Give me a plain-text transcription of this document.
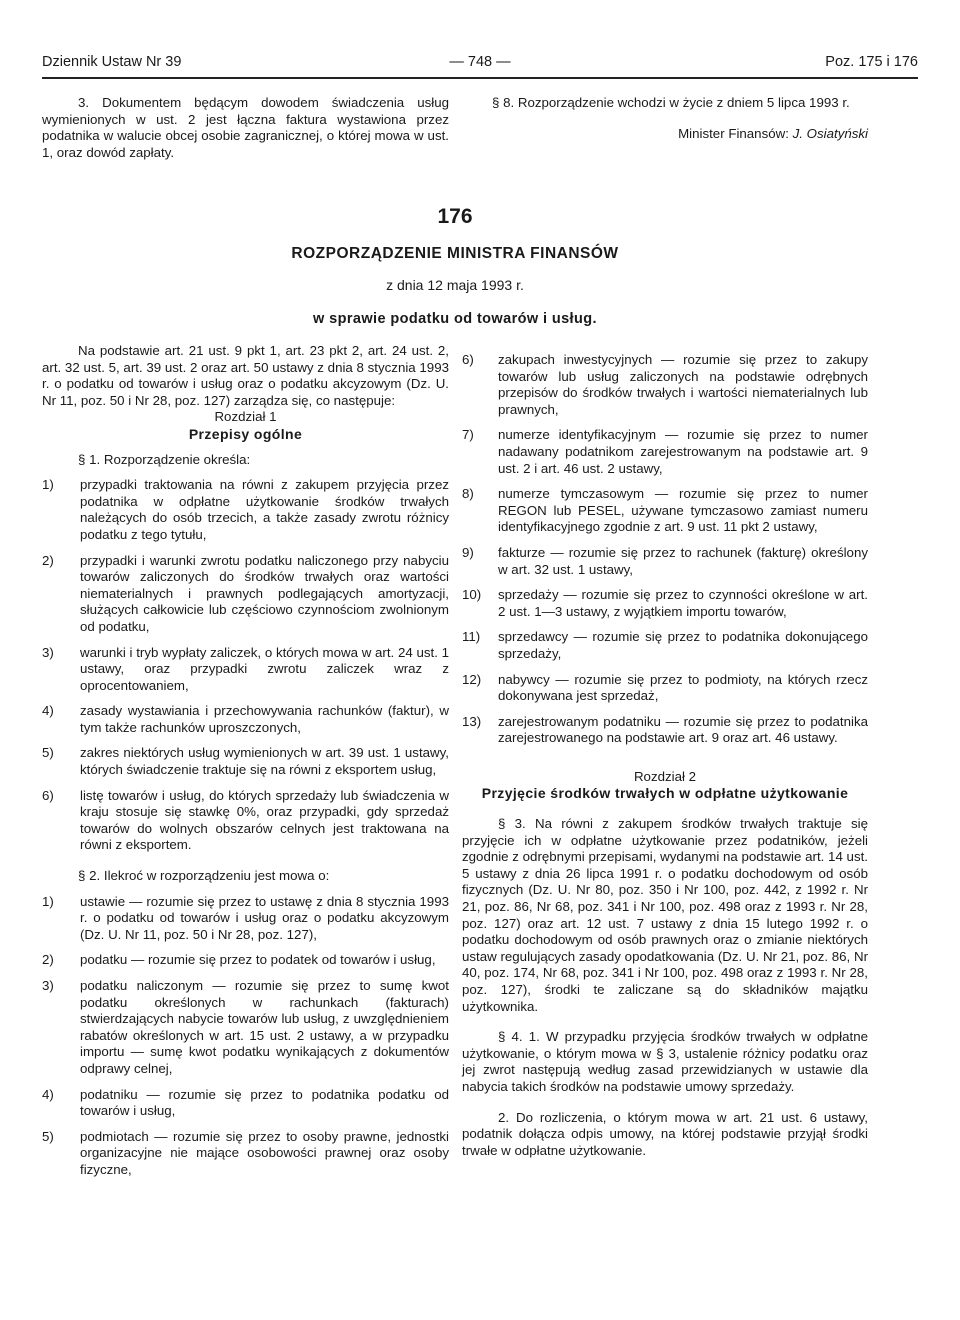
Dziennik Ustaw Nr 39	— 748 —	Poz. 175 i 176

3. Dokumentem będącym dowodem świadczenia usług wymienionych w ust. 2 jest łączna faktura wystawiona przez podatnika w walucie obcej osobie zagranicznej, o której mowa w ust. 1, oraz dowód zapłaty.

§ 8. Rozporządzenie wchodzi w życie z dniem 5 lipca 1993 r.

Minister Finansów: J. Osiatyński

176
ROZPORZĄDZENIE MINISTRA FINANSÓW
z dnia 12 maja 1993 r.
w sprawie podatku od towarów i usług.

Na podstawie art. 21 ust. 9 pkt 1, art. 23 pkt 2, art. 24 ust. 2, art. 32 ust. 5, art. 39 ust. 2 oraz art. 50 ustawy z dnia 8 stycznia 1993 r. o podatku od towarów i usług oraz o podatku akcyzowym (Dz. U. Nr 11, poz. 50 i Nr 28, poz. 127) zarządza się, co następuje:

Rozdział 1

Przepisy ogólne

§ 1. Rozporządzenie określa:

1)	przypadki traktowania na równi z zakupem przyjęcia przez podatnika w odpłatne użytkowanie środków trwałych należących do osób trzecich, a także zasady zwrotu różnicy podatku z tego tytułu,
2)	przypadki i warunki zwrotu podatku naliczonego przy nabyciu towarów zaliczonych do środków trwałych oraz wartości niematerialnych i prawnych podlegających amortyzacji, służących całkowicie lub częściowo czynnościom zwolnionym od podatku,
3)	warunki i tryb wypłaty zaliczek, o których mowa w art. 24 ust. 1 ustawy, oraz przypadki zwrotu zaliczek wraz z oprocentowaniem,
4)	zasady wystawiania i przechowywania rachunków (faktur), w tym także rachunków uproszczonych,
5)	zakres niektórych usług wymienionych w art. 39 ust. 1 ustawy, których świadczenie traktuje się na równi z eksportem usług,
6)	listę towarów i usług, do których sprzedaży lub świadczenia w kraju stosuje się stawkę 0%, oraz przypadki, gdy sprzedaż towarów do wolnych obszarów celnych jest traktowana na równi z eksportem.

§ 2. Ilekroć w rozporządzeniu jest mowa o:

1)	ustawie — rozumie się przez to ustawę z dnia 8 stycznia 1993 r. o podatku od towarów i usług oraz o podatku akcyzowym (Dz. U. Nr 11, poz. 50 i Nr 28, poz. 127),
2)	podatku — rozumie się przez to podatek od towarów i usług,
3)	podatku naliczonym — rozumie się przez to sumę kwot podatku określonych w rachunkach (fakturach) stwierdzających nabycie towarów lub usług, z uwzględnieniem rabatów określonych w art. 15 ust. 2 ustawy, a w przypadku importu — sumę kwot podatku wynikających z dokumentów odprawy celnej,
4)	podatniku — rozumie się przez to podatnika podatku od towarów i usług,
5)	podmiotach — rozumie się przez to osoby prawne, jednostki organizacyjne nie mające osobowości prawnej oraz osoby fizyczne,
6)	zakupach inwestycyjnych — rozumie się przez to zakupy towarów lub usług zaliczonych na podstawie odrębnych przepisów do środków trwałych i wartości niematerialnych lub prawnych,
7)	numerze identyfikacyjnym — rozumie się przez to numer nadawany podatnikom zarejestrowanym na podstawie art. 9 ust. 2 i art. 46 ust. 2 ustawy,
8)	numerze tymczasowym — rozumie się przez to numer REGON lub PESEL, używane tymczasowo zamiast numeru identyfikacyjnego zgodnie z art. 9 ust. 11 pkt 2 ustawy,
9)	fakturze — rozumie się przez to rachunek (fakturę) określony w art. 32 ust. 1 ustawy,
10)	sprzedaży — rozumie się przez to czynności określone w art. 2 ust. 1—3 ustawy, z wyjątkiem importu towarów,
11)	sprzedawcy — rozumie się przez to podatnika dokonującego sprzedaży,
12)	nabywcy — rozumie się przez to podmioty, na których rzecz dokonywana jest sprzedaż,
13)	zarejestrowanym podatniku — rozumie się przez to podatnika zarejestrowanego na podstawie art. 9 oraz art. 46 ustawy.

Rozdział 2

Przyjęcie środków trwałych w odpłatne użytkowanie

§ 3. Na równi z zakupem środków trwałych traktuje się przyjęcie ich w odpłatne użytkowanie przez podatników, jeżeli zgodnie z odrębnymi przepisami, wydanymi na podstawie art. 14 ust. 5 ustawy z dnia 26 lipca 1991 r. o podatku dochodowym od osób fizycznych (Dz. U. Nr 80, poz. 350 i Nr 100, poz. 442, z 1992 r. Nr 21, poz. 86, Nr 68, poz. 341 i Nr 100, poz. 498 oraz z 1993 r. Nr 28, poz. 127) oraz art. 12 ust. 7 ustawy z dnia 15 lutego 1992 r. o podatku dochodowym od osób prawnych oraz o zmianie niektórych ustaw regulujących zasady opodatkowania (Dz. U. Nr 21, poz. 86, Nr 40, poz. 174, Nr 68, poz. 341 i Nr 100, poz. 498 oraz z 1993 r. Nr 28, poz. 127), środki te zaliczane są do składników majątku użytkownika.

§ 4. 1. W przypadku przyjęcia środków trwałych w odpłatne użytkowanie, o którym mowa w § 3, ustalenie różnicy podatku oraz jej zwrot następują według zasad przewidzianych w ustawie dla nabycia takich środków na podstawie umowy sprzedaży.

2. Do rozliczenia, o którym mowa w art. 21 ust. 6 ustawy, podatnik dołącza odpis umowy, na której podstawie przyjął środki trwałe w odpłatne użytkowanie.
